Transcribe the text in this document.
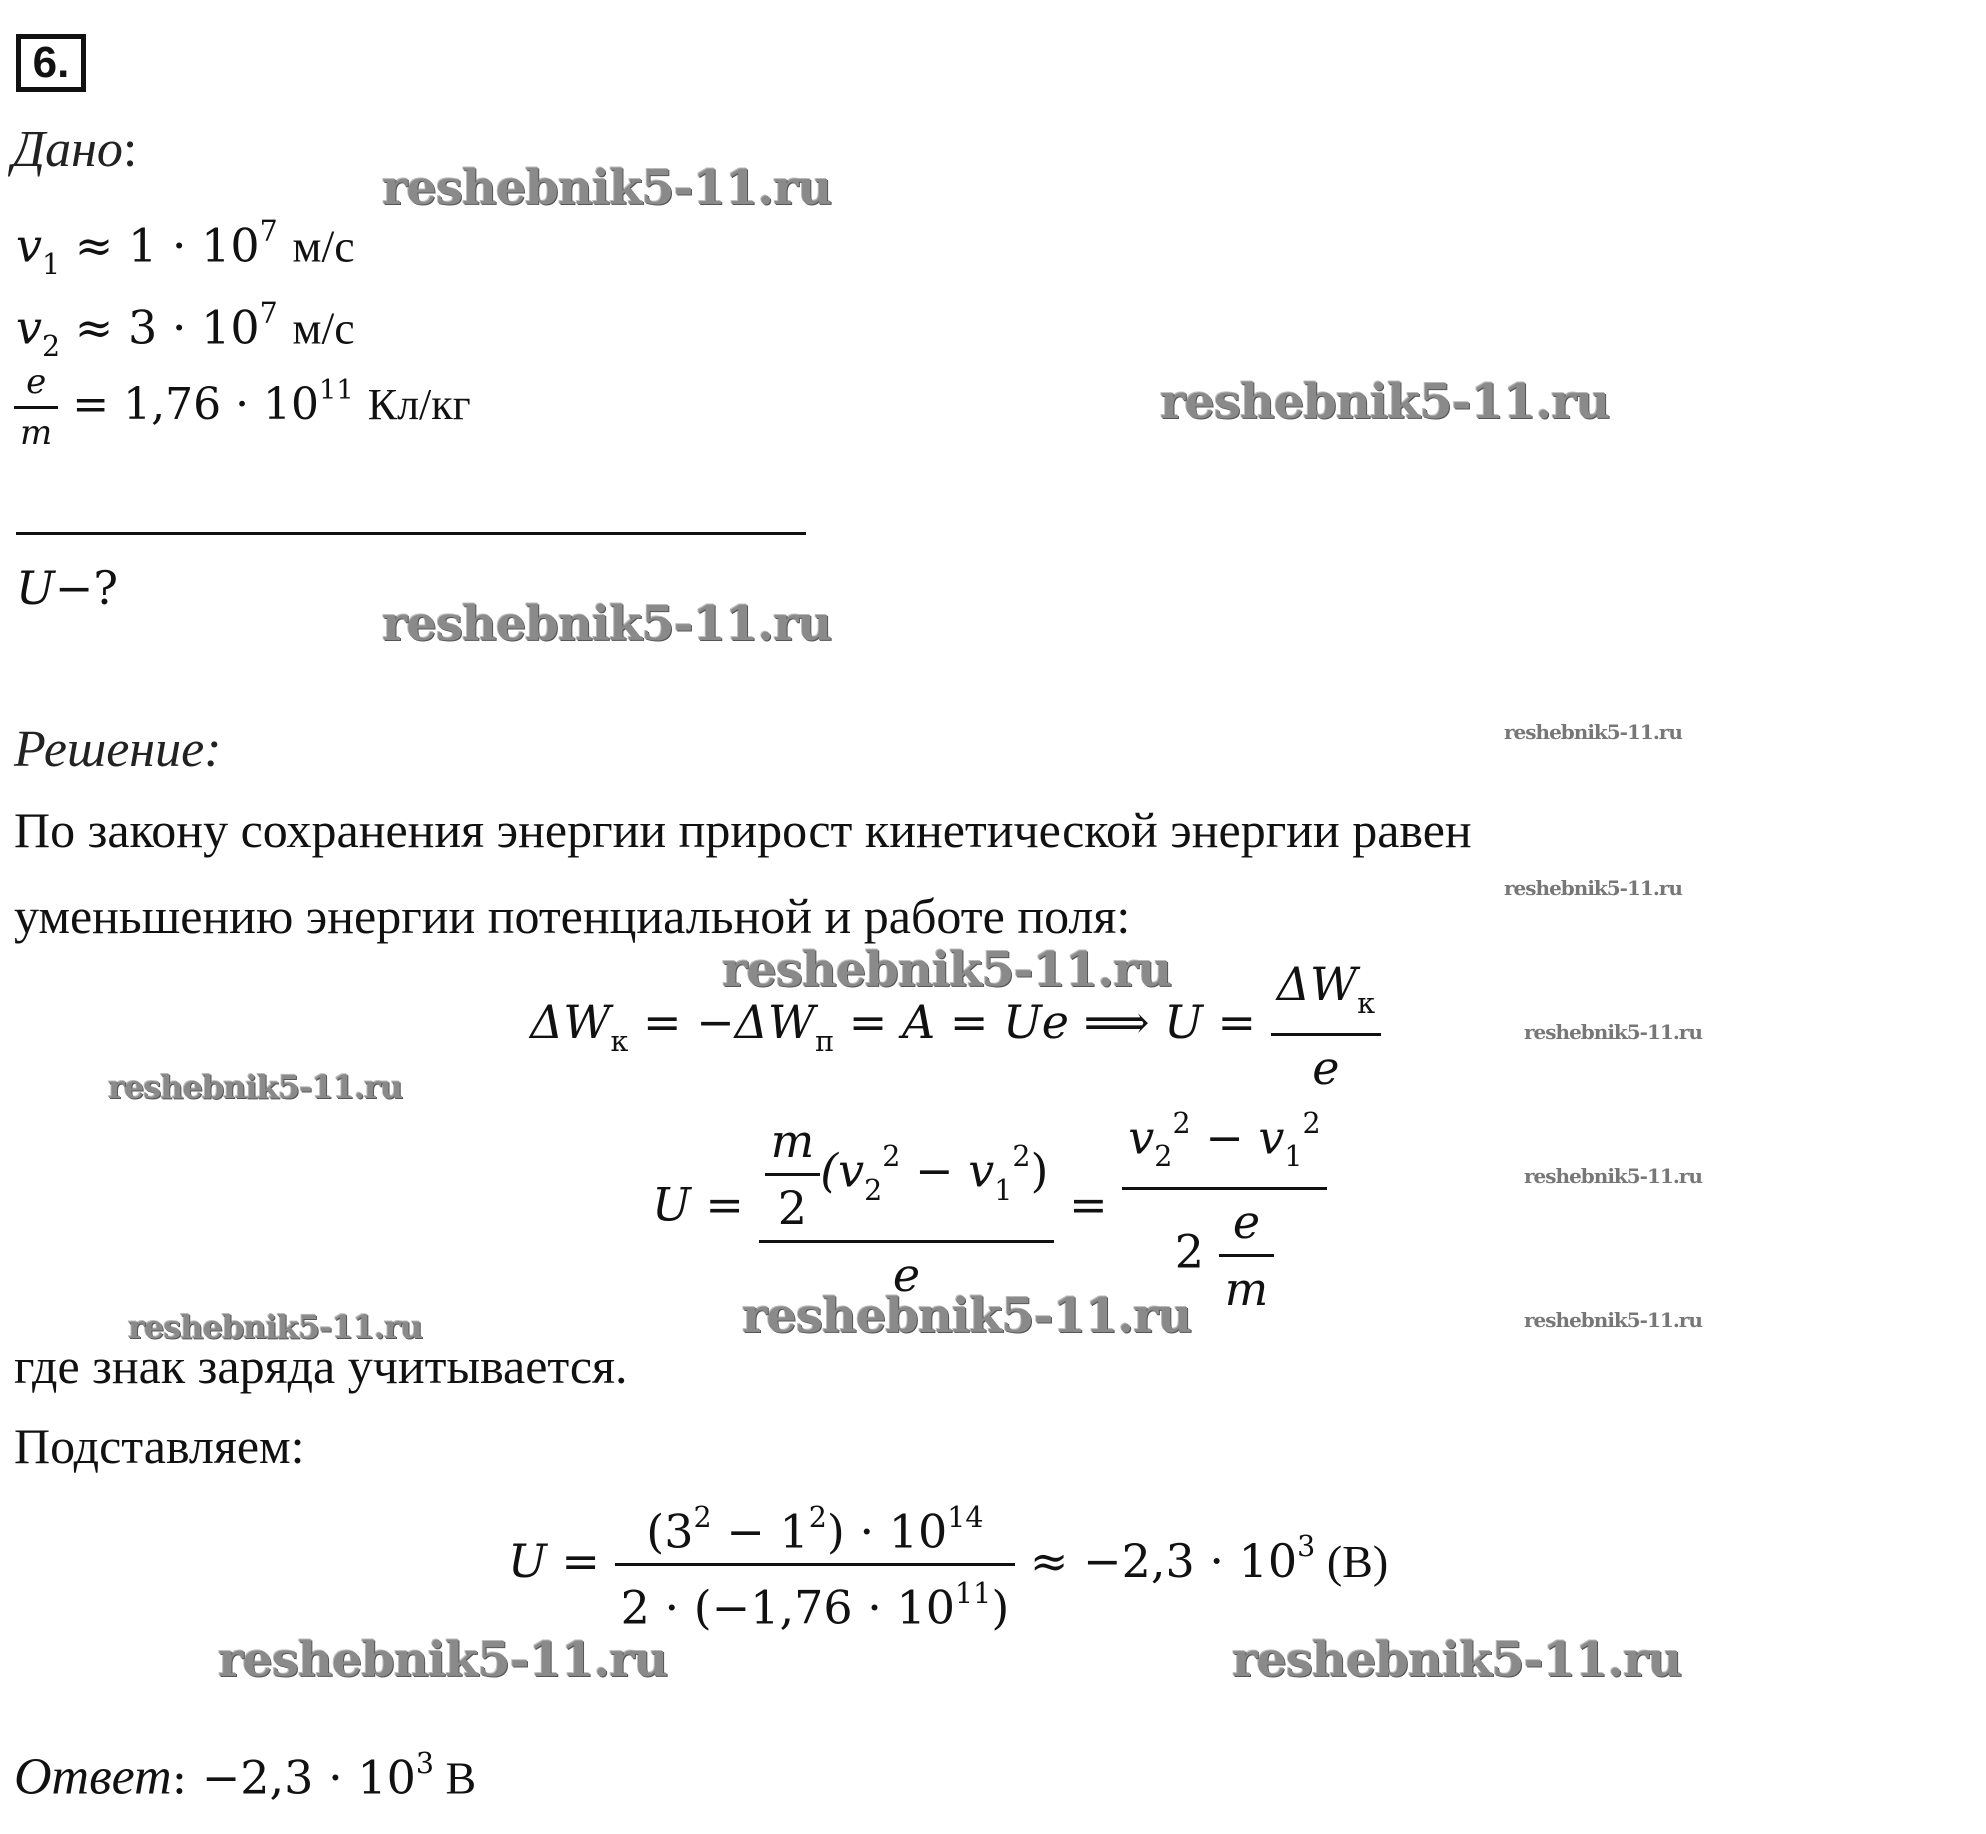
6.
Дано:
$v_1 \approx 1 \cdot 10^7$ м/с
$v_2 \approx 3 \cdot 10^7$ м/с
$\frac{e}{m} = 1,76 \cdot 10^{11}$ Кл/кг
U−?
Решение:
По закону сохранения энергии прирост кинетической энергии равен
уменьшению энергии потенциальной и работе поля:
$\Delta W_к = -\Delta W_п = A = Ue$ ⟹ $U = \frac{\Delta W_к}{e}$
$U = \frac{\frac{m}{2} (v_2^2 - v_1^2)}{e} = \frac{v_2^2 - v_1^2}{2 \frac{e}{m}}$
где знак заряда учитывается.
Подставляем:
$U = \frac{(3^2 - 1^2) \cdot 10^{14}}{2 \cdot (-1,76 \cdot 10^{11})} \approx -2,3 \cdot 10^3$ (В)
Ответ: $-2,3 \cdot 10^3$ В
reshebnik5-11.ru
reshebnik5-11.ru
reshebnik5-11.ru
reshebnik5-11.ru
reshebnik5-11.ru
reshebnik5-11.ru
reshebnik5-11.ru
reshebnik5-11.ru
reshebnik5-11.ru
reshebnik5-11.ru	reshebnik5-11.ru	reshebnik5-11.ru
reshebnik5-11.ru	reshebnik5-11.ru
